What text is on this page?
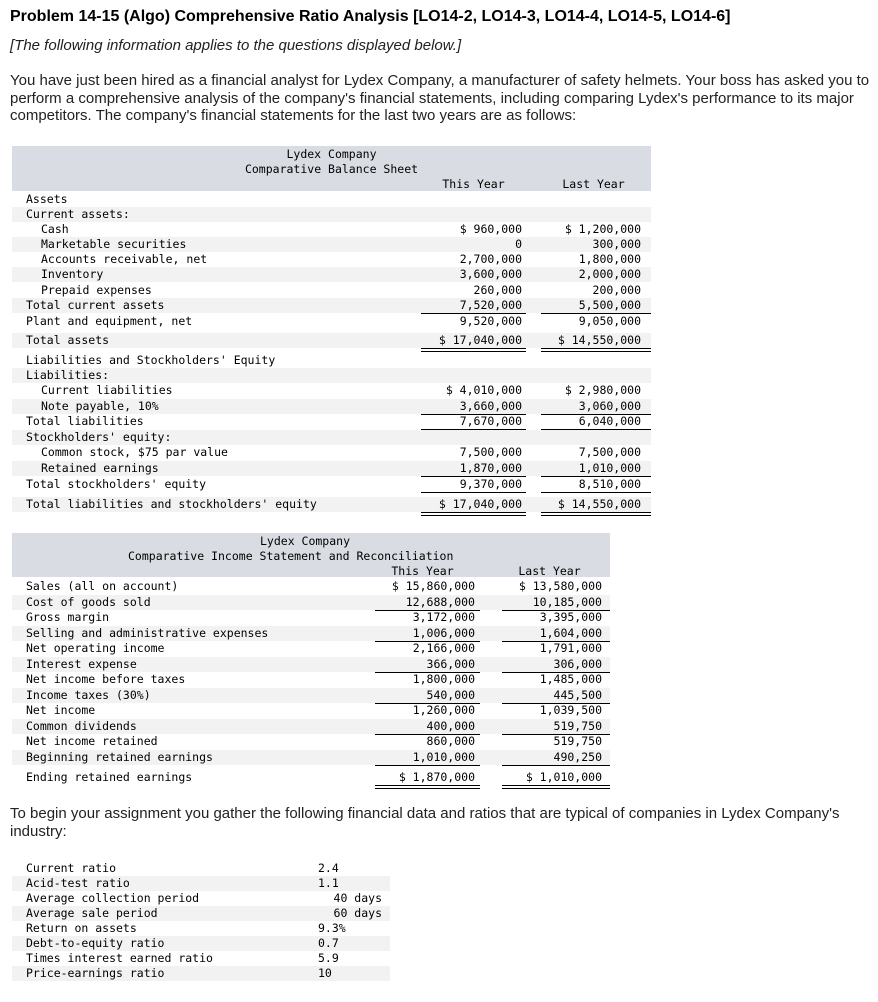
Problem 14-15 (Algo) Comprehensive Ratio Analysis [LO14-2, LO14-3, LO14-4, LO14-5, LO14-6]
[The following information applies to the questions displayed below.]
You have just been hired as a financial analyst for Lydex Company, a manufacturer of safety helmets. Your boss has asked you to perform a comprehensive analysis of the company's financial statements, including comparing Lydex's performance to its major competitors. The company's financial statements for the last two years are as follows:
Lydex Company
Comparative Balance Sheet
This Year	Last Year
Assets
Current assets:
Cash	$ 960,000	$ 1,200,000
Marketable securities	0	300,000
Accounts receivable, net	2,700,000	1,800,000
Inventory	3,600,000	2,000,000
Prepaid expenses	260,000	200,000
Total current assets	7,520,000	5,500,000
Plant and equipment, net	9,520,000	9,050,000
Total assets	$ 17,040,000	$ 14,550,000
Liabilities and Stockholders' Equity
Liabilities:
Current liabilities	$ 4,010,000	$ 2,980,000
Note payable, 10%	3,660,000	3,060,000
Total liabilities	7,670,000	6,040,000
Stockholders' equity:
Common stock, $75 par value	7,500,000	7,500,000
Retained earnings	1,870,000	1,010,000
Total stockholders' equity	9,370,000	8,510,000
Total liabilities and stockholders' equity	$ 17,040,000	$ 14,550,000
Lydex Company
Comparative Income Statement and Reconciliation
This Year	Last Year
Sales (all on account)	$ 15,860,000	$ 13,580,000
Cost of goods sold	12,688,000	10,185,000
Gross margin	3,172,000	3,395,000
Selling and administrative expenses	1,006,000	1,604,000
Net operating income	2,166,000	1,791,000
Interest expense	366,000	306,000
Net income before taxes	1,800,000	1,485,000
Income taxes (30%)	540,000	445,500
Net income	1,260,000	1,039,500
Common dividends	400,000	519,750
Net income retained	860,000	519,750
Beginning retained earnings	1,010,000	490,250
Ending retained earnings	$ 1,870,000	$ 1,010,000
To begin your assignment you gather the following financial data and ratios that are typical of companies in Lydex Company's industry:
Current ratio	2.4
Acid-test ratio	1.1
Average collection period	40 days
Average sale period	60 days
Return on assets	9.3%
Debt-to-equity ratio	0.7
Times interest earned ratio	5.9
Price-earnings ratio	10
